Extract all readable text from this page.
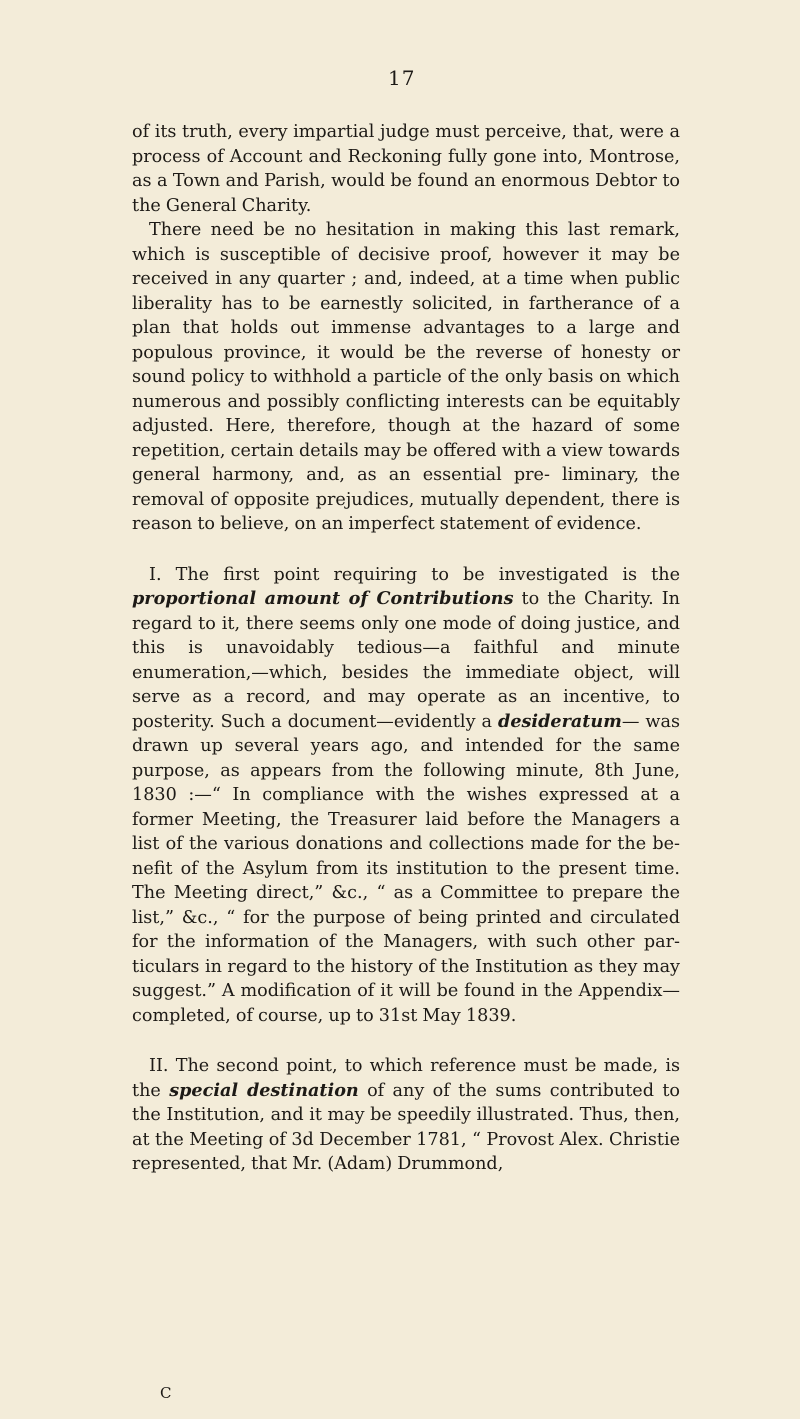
17

of its truth, every impartial judge must perceive, that, were a process of Account and Reckoning fully gone into, Montrose, as a Town and Parish, would be found an enormous Debtor to the General Charity.

There need be no hesitation in making this last remark, which is susceptible of decisive proof, however it may be received in any quarter ; and, indeed, at a time when public liberality has to be earnestly solicited, in fartherance of a plan that holds out immense advantages to a large and populous province, it would be the reverse of honesty or sound policy to withhold a particle of the only basis on which numerous and possibly conflicting interests can be equitably adjusted. Here, therefore, though at the hazard of some repetition, certain details may be offered with a view towards general harmony, and, as an essential pre- liminary, the removal of opposite prejudices, mutually dependent, there is reason to believe, on an imperfect statement of evidence.

I. The first point requiring to be investigated is the proportional amount of Contributions to the Charity. In regard to it, there seems only one mode of doing justice, and this is unavoidably tedious—a faithful and minute enumeration,—which, besides the immediate object, will serve as a record, and may operate as an incentive, to posterity. Such a document—evidently a desideratum— was drawn up several years ago, and intended for the same purpose, as appears from the following minute, 8th June, 1830 :—“ In compliance with the wishes expressed at a former Meeting, the Treasurer laid before the Managers a list of the various donations and collections made for the be- nefit of the Asylum from its institution to the present time. The Meeting direct,” &c., “ as a Committee to prepare the list,” &c., “ for the purpose of being printed and circulated for the information of the Managers, with such other par- ticulars in regard to the history of the Institution as they may suggest.” A modification of it will be found in the Appendix—completed, of course, up to 31st May 1839.

II. The second point, to which reference must be made, is the special destination of any of the sums contributed to the Institution, and it may be speedily illustrated. Thus, then, at the Meeting of 3d December 1781, “ Provost Alex. Christie represented, that Mr. (Adam) Drummond,

C
